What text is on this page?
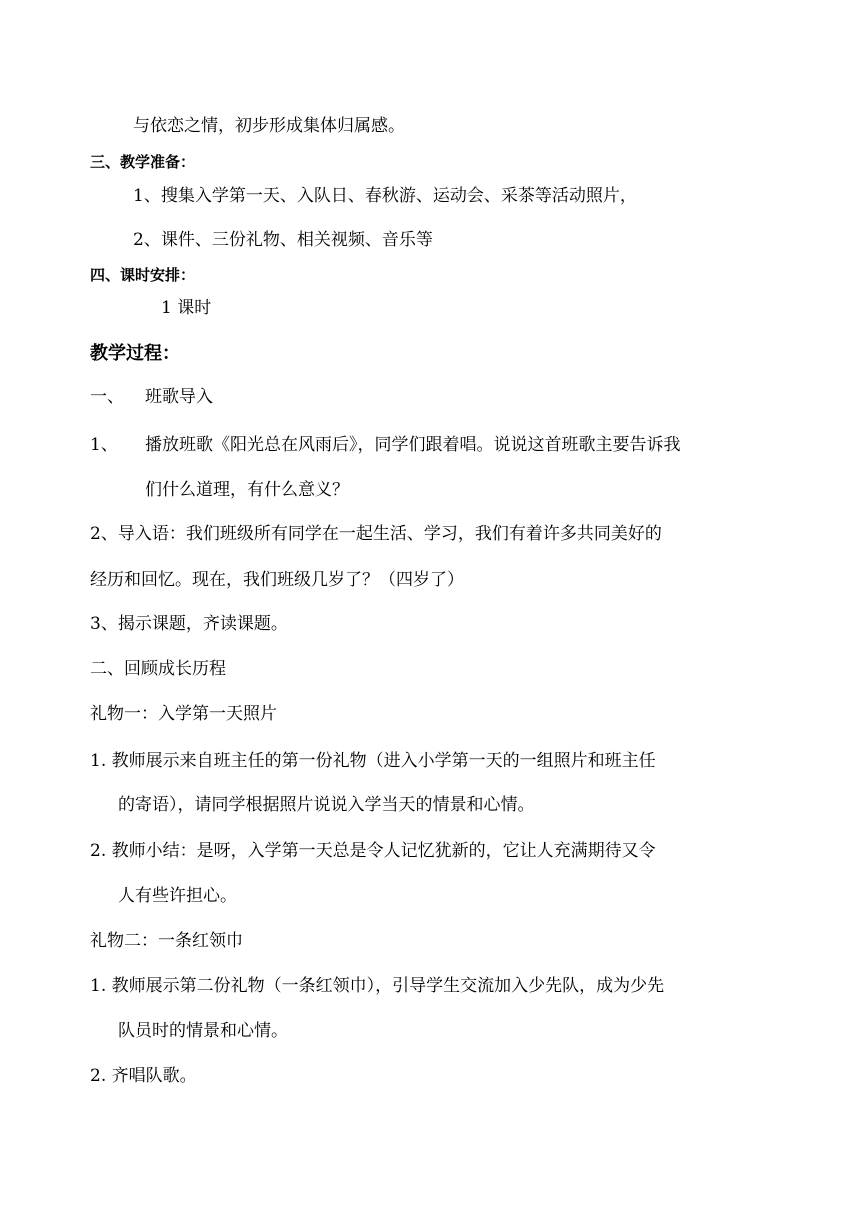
与依恋之情，初步形成集体归属感。
三、教学准备：
1、搜集入学第一天、入队日、春秋游、运动会、采茶等活动照片，
2、课件、三份礼物、相关视频、音乐等
四、课时安排：
1 课时
教学过程：
一、 班歌导入
1、 播放班歌《阳光总在风雨后》，同学们跟着唱。说说这首班歌主要告诉我
们什么道理，有什么意义？
2、导入语：我们班级所有同学在一起生活、学习，我们有着许多共同美好的
经历和回忆。现在，我们班级几岁了？（四岁了）
3、揭示课题，齐读课题。
二、回顾成长历程
礼物一：入学第一天照片
1. 教师展示来自班主任的第一份礼物（进入小学第一天的一组照片和班主任
的寄语），请同学根据照片说说入学当天的情景和心情。
2. 教师小结：是呀，入学第一天总是令人记忆犹新的，它让人充满期待又令
人有些许担心。
礼物二：一条红领巾
1. 教师展示第二份礼物（一条红领巾），引导学生交流加入少先队，成为少先
队员时的情景和心情。
2. 齐唱队歌。
